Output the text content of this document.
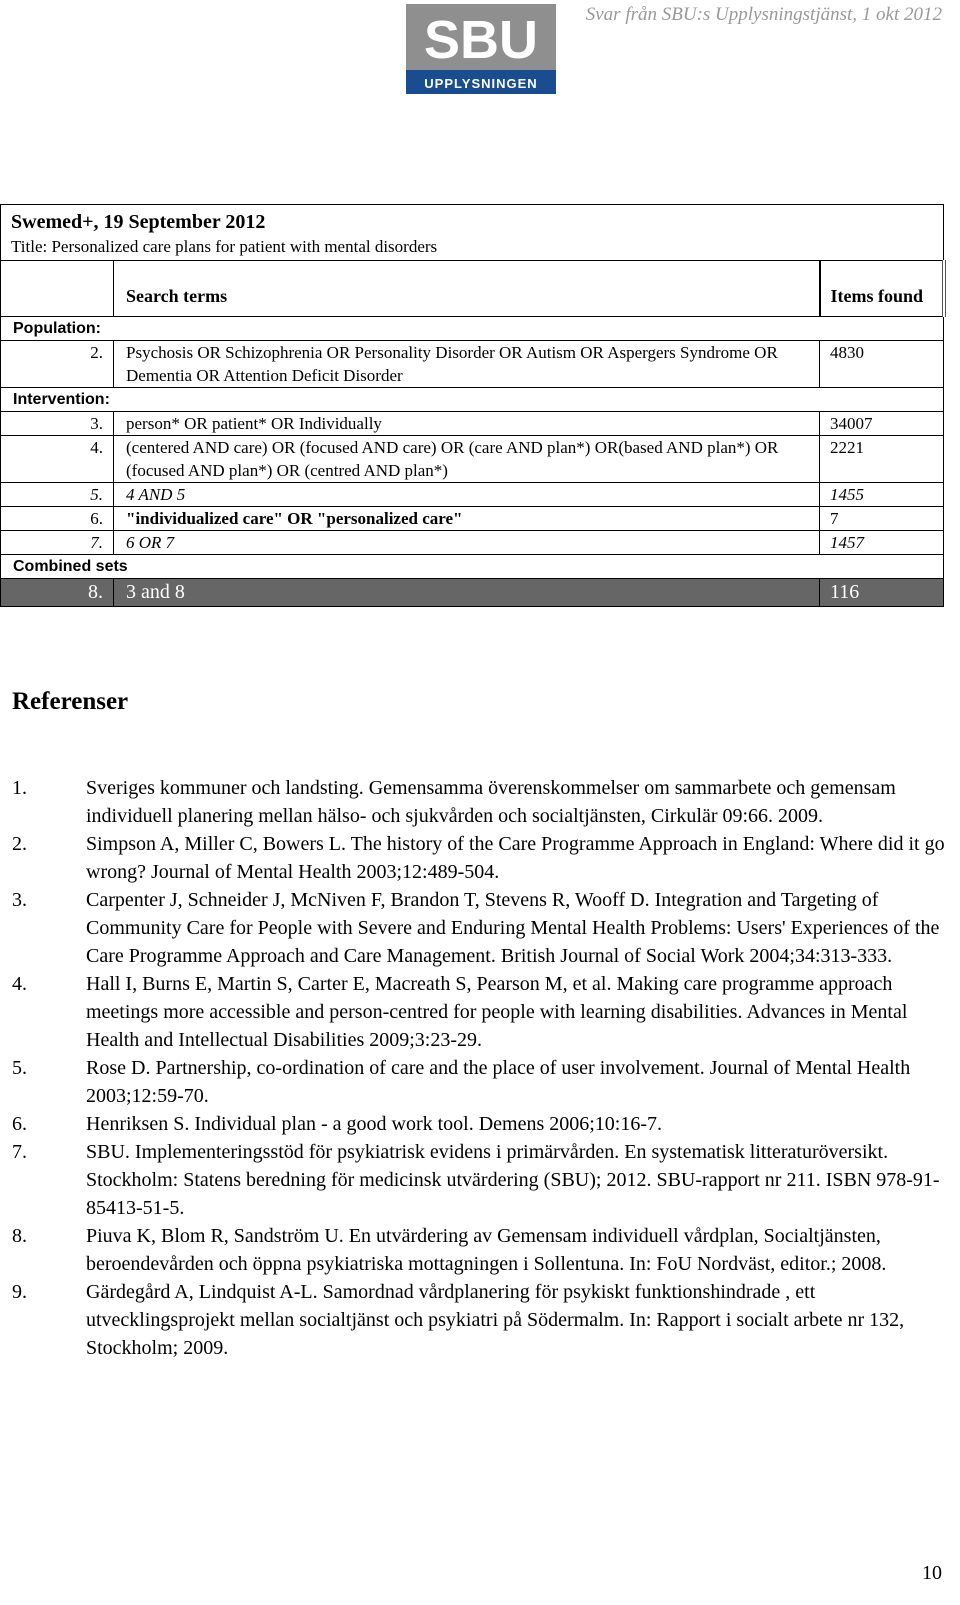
SBU
UPPLYSNINGEN
Svar från SBU:s Upplysningstjänst, 1 okt 2012
Swemed+, 19 September 2012		
Title: Personalized care plans for patient with mental disorders		
	Search terms	Items found
Population:		
2.	Psychosis OR Schizophrenia OR Personality Disorder OR Autism OR Aspergers Syndrome OR Dementia OR Attention Deficit Disorder	4830
Intervention:		
3.	person* OR patient* OR Individually	34007
4.	(centered AND care) OR (focused AND care) OR (care AND plan*) OR(based AND plan*) OR (focused AND plan*) OR (centred AND plan*)	2221
5.	4 AND 5	1455
6.	"individualized care" OR "personalized care"	7
7.	6 OR 7	1457
Combined sets		
8.	3 and 8	116
Referenser
1.	Sveriges kommuner och landsting. Gemensamma överenskommelser om sammarbete och gemensam individuell planering mellan hälso- och sjukvården och socialtjänsten, Cirkulär 09:66. 2009.
2.	Simpson A, Miller C, Bowers L. The history of the Care Programme Approach in England: Where did it go wrong? Journal of Mental Health 2003;12:489-504.
3.	Carpenter J, Schneider J, McNiven F, Brandon T, Stevens R, Wooff D. Integration and Targeting of Community Care for People with Severe and Enduring Mental Health Problems: Users' Experiences of the Care Programme Approach and Care Management. British Journal of Social Work 2004;34:313-333.
4.	Hall I, Burns E, Martin S, Carter E, Macreath S, Pearson M, et al. Making care programme approach meetings more accessible and person-centred for people with learning disabilities. Advances in Mental Health and Intellectual Disabilities 2009;3:23-29.
5.	Rose D. Partnership, co-ordination of care and the place of user involvement. Journal of Mental Health 2003;12:59-70.
6.	Henriksen S. Individual plan - a good work tool. Demens 2006;10:16-7.
7.	SBU. Implementeringsstöd för psykiatrisk evidens i primärvården. En systematisk litteraturöversikt. Stockholm: Statens beredning för medicinsk utvärdering (SBU); 2012. SBU-rapport nr 211. ISBN 978-91-85413-51-5.
8.	Piuva K, Blom R, Sandström U. En utvärdering av Gemensam individuell vårdplan, Socialtjänsten, beroendevården och öppna psykiatriska mottagningen i Sollentuna. In: FoU Nordväst, editor.; 2008.
9.	Gärdegård A, Lindquist A-L. Samordnad vårdplanering för psykiskt funktionshindrade , ett utvecklingsprojekt mellan socialtjänst och psykiatri på Södermalm. In: Rapport i socialt arbete nr 132, Stockholm; 2009.
10
